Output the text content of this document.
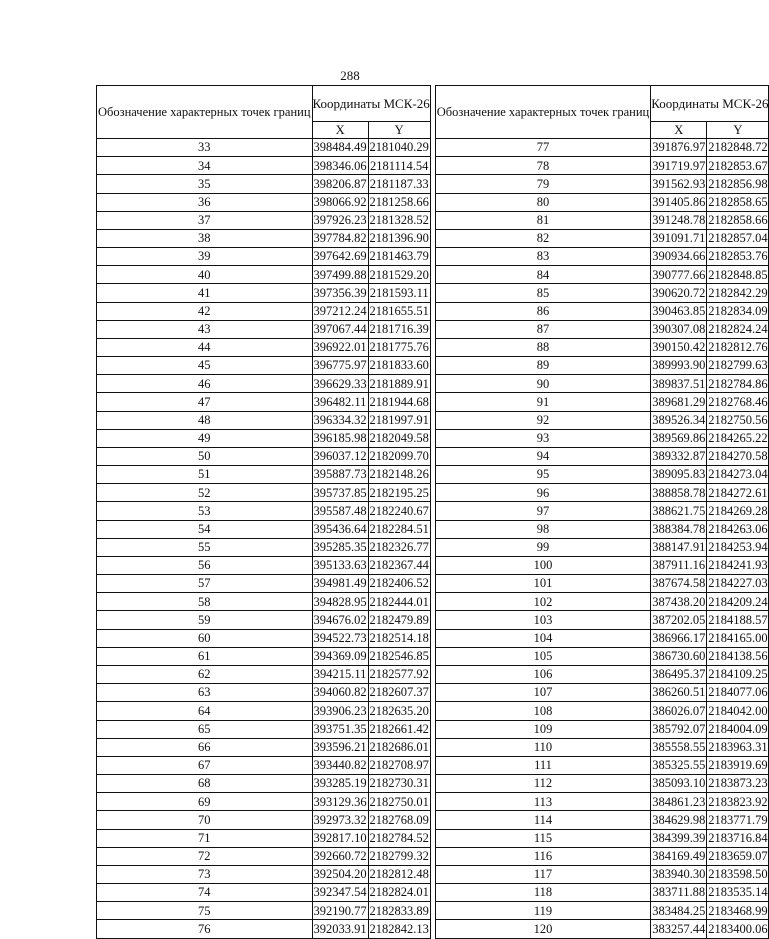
288
Обозначение характерных точек границ	Координаты МСК-26	
	X	Y
33	398484.49	2181040.29
34	398346.06	2181114.54
35	398206.87	2181187.33
36	398066.92	2181258.66
37	397926.23	2181328.52
38	397784.82	2181396.90
39	397642.69	2181463.79
40	397499.88	2181529.20
41	397356.39	2181593.11
42	397212.24	2181655.51
43	397067.44	2181716.39
44	396922.01	2181775.76
45	396775.97	2181833.60
46	396629.33	2181889.91
47	396482.11	2181944.68
48	396334.32	2181997.91
49	396185.98	2182049.58
50	396037.12	2182099.70
51	395887.73	2182148.26
52	395737.85	2182195.25
53	395587.48	2182240.67
54	395436.64	2182284.51
55	395285.35	2182326.77
56	395133.63	2182367.44
57	394981.49	2182406.52
58	394828.95	2182444.01
59	394676.02	2182479.89
60	394522.73	2182514.18
61	394369.09	2182546.85
62	394215.11	2182577.92
63	394060.82	2182607.37
64	393906.23	2182635.20
65	393751.35	2182661.42
66	393596.21	2182686.01
67	393440.82	2182708.97
68	393285.19	2182730.31
69	393129.36	2182750.01
70	392973.32	2182768.09
71	392817.10	2182784.52
72	392660.72	2182799.32
73	392504.20	2182812.48
74	392347.54	2182824.01
75	392190.77	2182833.89
76	392033.91	2182842.13
Обозначение характерных точек границ	Координаты МСК-26	
	X	Y
77	391876.97	2182848.72
78	391719.97	2182853.67
79	391562.93	2182856.98
80	391405.86	2182858.65
81	391248.78	2182858.66
82	391091.71	2182857.04
83	390934.66	2182853.76
84	390777.66	2182848.85
85	390620.72	2182842.29
86	390463.85	2182834.09
87	390307.08	2182824.24
88	390150.42	2182812.76
89	389993.90	2182799.63
90	389837.51	2182784.86
91	389681.29	2182768.46
92	389526.34	2182750.56
93	389569.86	2184265.22
94	389332.87	2184270.58
95	389095.83	2184273.04
96	388858.78	2184272.61
97	388621.75	2184269.28
98	388384.78	2184263.06
99	388147.91	2184253.94
100	387911.16	2184241.93
101	387674.58	2184227.03
102	387438.20	2184209.24
103	387202.05	2184188.57
104	386966.17	2184165.00
105	386730.60	2184138.56
106	386495.37	2184109.25
107	386260.51	2184077.06
108	386026.07	2184042.00
109	385792.07	2184004.09
110	385558.55	2183963.31
111	385325.55	2183919.69
112	385093.10	2183873.23
113	384861.23	2183823.92
114	384629.98	2183771.79
115	384399.39	2183716.84
116	384169.49	2183659.07
117	383940.30	2183598.50
118	383711.88	2183535.14
119	383484.25	2183468.99
120	383257.44	2183400.06
